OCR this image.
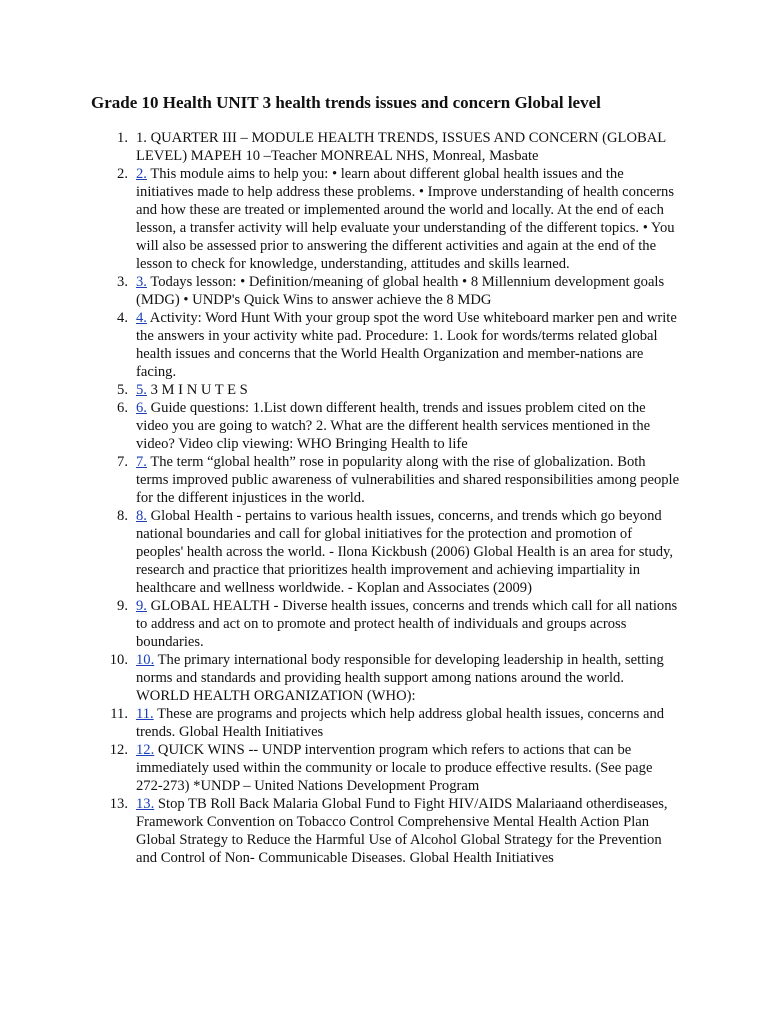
Grade 10 Health UNIT 3 health trends issues and concern Global level
1. 1. QUARTER III – MODULE HEALTH TRENDS, ISSUES AND CONCERN (GLOBAL LEVEL) MAPEH 10 –Teacher MONREAL NHS, Monreal, Masbate
2. 2. This module aims to help you: • learn about different global health issues and the initiatives made to help address these problems. • Improve understanding of health concerns and how these are treated or implemented around the world and locally. At the end of each lesson, a transfer activity will help evaluate your understanding of the different topics. • You will also be assessed prior to answering the different activities and again at the end of the lesson to check for knowledge, understanding, attitudes and skills learned.
3. 3. Todays lesson: • Definition/meaning of global health • 8 Millennium development goals (MDG) • UNDP's Quick Wins to answer achieve the 8 MDG
4. 4. Activity: Word Hunt With your group spot the word Use whiteboard marker pen and write the answers in your activity white pad. Procedure: 1. Look for words/terms related global health issues and concerns that the World Health Organization and member-nations are facing.
5. 5. 3 M I N U T E S
6. 6. Guide questions: 1.List down different health, trends and issues problem cited on the video you are going to watch? 2. What are the different health services mentioned in the video? Video clip viewing: WHO Bringing Health to life
7. 7. The term “global health” rose in popularity along with the rise of globalization. Both terms improved public awareness of vulnerabilities and shared responsibilities among people for the different injustices in the world.
8. 8. Global Health - pertains to various health issues, concerns, and trends which go beyond national boundaries and call for global initiatives for the protection and promotion of peoples' health across the world. - Ilona Kickbush (2006) Global Health is an area for study, research and practice that prioritizes health improvement and achieving impartiality in healthcare and wellness worldwide. - Koplan and Associates (2009)
9. 9. GLOBAL HEALTH - Diverse health issues, concerns and trends which call for all nations to address and act on to promote and protect health of individuals and groups across boundaries.
10. 10. The primary international body responsible for developing leadership in health, setting norms and standards and providing health support among nations around the world. WORLD HEALTH ORGANIZATION (WHO):
11. 11. These are programs and projects which help address global health issues, concerns and trends. Global Health Initiatives
12. 12. QUICK WINS -- UNDP intervention program which refers to actions that can be immediately used within the community or locale to produce effective results. (See page 272-273) *UNDP – United Nations Development Program
13. 13. Stop TB Roll Back Malaria Global Fund to Fight HIV/AIDS Malariaand otherdiseases, Framework Convention on Tobacco Control Comprehensive Mental Health Action Plan Global Strategy to Reduce the Harmful Use of Alcohol Global Strategy for the Prevention and Control of Non- Communicable Diseases. Global Health Initiatives
